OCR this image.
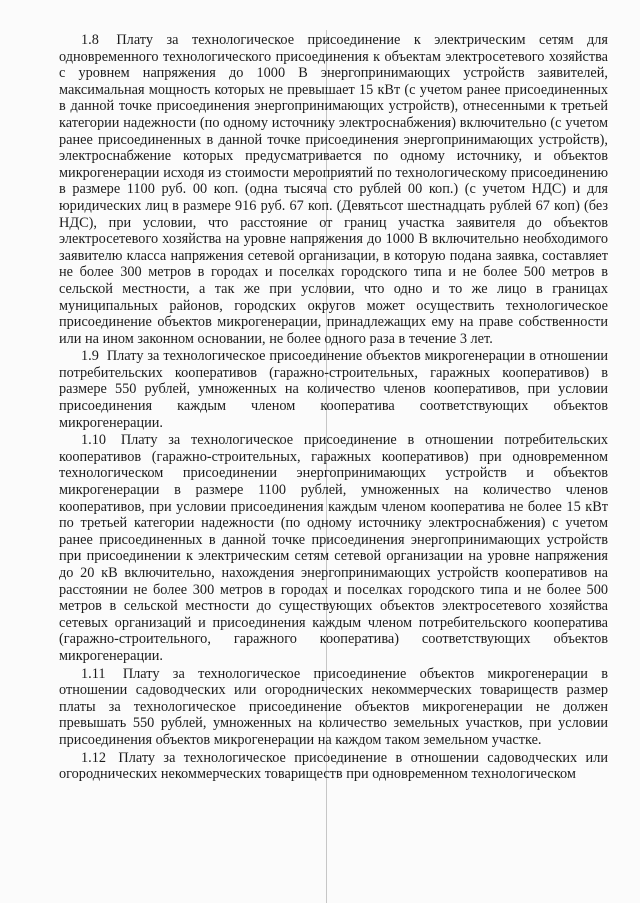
1.8 Плату за технологическое присоединение к электрическим сетям для одновременного технологического присоединения к объектам электросетевого хозяйства с уровнем напряжения до 1000 В энергопринимающих устройств заявителей, максимальная мощность которых не превышает 15 кВт (с учетом ранее присоединенных в данной точке присоединения энергопринимающих устройств), отнесенными к третьей категории надежности (по одному источнику электроснабжения) включительно (с учетом ранее присоединенных в данной точке присоединения энергопринимающих устройств), электроснабжение которых предусматривается по одному источнику, и объектов микрогенерации исходя из стоимости мероприятий по технологическому присоединению в размере 1100 руб. 00 коп. (одна тысяча сто рублей 00 коп.) (с учетом НДС) и для юридических лиц в размере 916 руб. 67 коп. (Девятьсот шестнадцать рублей 67 коп) (без НДС), при условии, что расстояние от границ участка заявителя до объектов электросетевого хозяйства на уровне напряжения до 1000 В включительно необходимого заявителю класса напряжения сетевой организации, в которую подана заявка, составляет не более 300 метров в городах и поселках городского типа и не более 500 метров в сельской местности, а так же при условии, что одно и то же лицо в границах муниципальных районов, городских округов может осуществить технологическое присоединение объектов микрогенерации, принадлежащих ему на праве собственности или на ином законном основании, не более одного раза в течение 3 лет.

1.9 Плату за технологическое присоединение объектов микрогенерации в отношении потребительских кооперативов (гаражно-строительных, гаражных кооперативов) в размере 550 рублей, умноженных на количество членов кооперативов, при условии присоединения каждым членом кооператива соответствующих объектов микрогенерации.

1.10 Плату за технологическое присоединение в отношении потребительских кооперативов (гаражно-строительных, гаражных кооперативов) при одновременном технологическом присоединении энергопринимающих устройств и объектов микрогенерации в размере 1100 рублей, умноженных на количество членов кооперативов, при условии присоединения каждым членом кооператива не более 15 кВт по третьей категории надежности (по одному источнику электроснабжения) с учетом ранее присоединенных в данной точке присоединения энергопринимающих устройств при присоединении к электрическим сетям сетевой организации на уровне напряжения до 20 кВ включительно, нахождения энергопринимающих устройств кооперативов на расстоянии не более 300 метров в городах и поселках городского типа и не более 500 метров в сельской местности до существующих объектов электросетевого хозяйства сетевых организаций и присоединения каждым членом потребительского кооператива (гаражно-строительного, гаражного кооператива) соответствующих объектов микрогенерации.

1.11 Плату за технологическое присоединение объектов микрогенерации в отношении садоводческих или огороднических некоммерческих товариществ размер платы за технологическое присоединение объектов микрогенерации не должен превышать 550 рублей, умноженных на количество земельных участков, при условии присоединения объектов микрогенерации на каждом таком земельном участке.

1.12 Плату за технологическое присоединение в отношении садоводческих или огороднических некоммерческих товариществ при одновременном технологическом
